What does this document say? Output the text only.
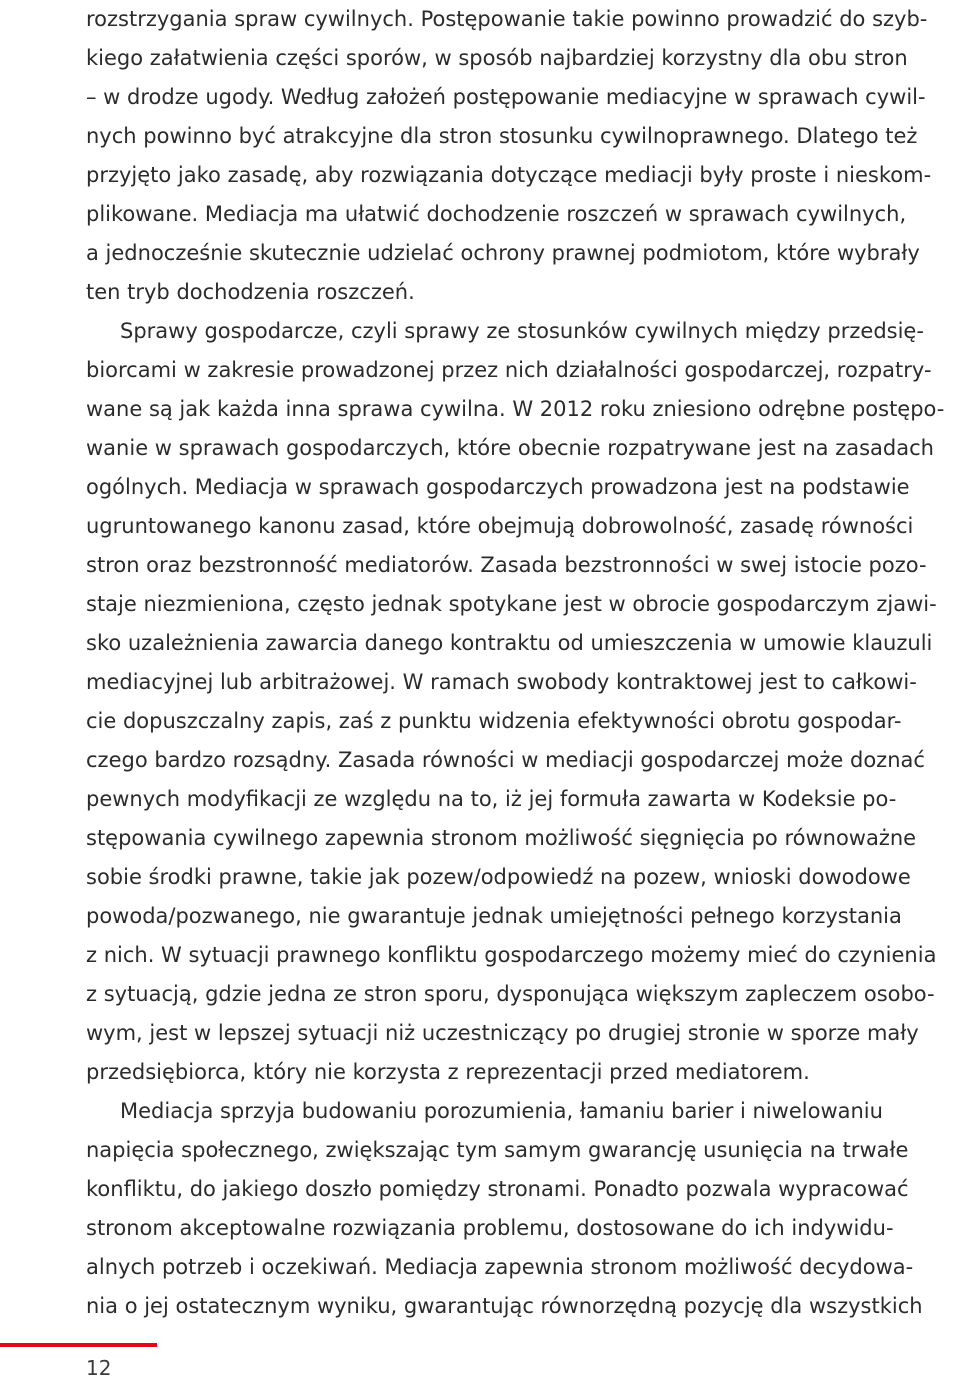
rozstrzygania spraw cywilnych. Postępowanie takie powinno prowadzić do szyb-
kiego załatwienia części sporów, w sposób najbardziej korzystny dla obu stron
– w drodze ugody. Według założeń postępowanie mediacyjne w sprawach cywil-
nych powinno być atrakcyjne dla stron stosunku cywilnoprawnego. Dlatego też
przyjęto jako zasadę, aby rozwiązania dotyczące mediacji były proste i nieskom-
plikowane. Mediacja ma ułatwić dochodzenie roszczeń w sprawach cywilnych,
a jednocześnie skutecznie udzielać ochrony prawnej podmiotom, które wybrały
ten tryb dochodzenia roszczeń.
Sprawy gospodarcze, czyli sprawy ze stosunków cywilnych między przedsię-
biorcami w zakresie prowadzonej przez nich działalności gospodarczej, rozpatry-
wane są jak każda inna sprawa cywilna. W 2012 roku zniesiono odrębne postępo-
wanie w sprawach gospodarczych, które obecnie rozpatrywane jest na zasadach
ogólnych. Mediacja w sprawach gospodarczych prowadzona jest na podstawie
ugruntowanego kanonu zasad, które obejmują dobrowolność, zasadę równości
stron oraz bezstronność mediatorów. Zasada bezstronności w swej istocie pozo-
staje niezmieniona, często jednak spotykane jest w obrocie gospodarczym zjawi-
sko uzależnienia zawarcia danego kontraktu od umieszczenia w umowie klauzuli
mediacyjnej lub arbitrażowej. W ramach swobody kontraktowej jest to całkowi-
cie dopuszczalny zapis, zaś z punktu widzenia efektywności obrotu gospodar-
czego bardzo rozsądny. Zasada równości w mediacji gospodarczej może doznać
pewnych modyfikacji ze względu na to, iż jej formuła zawarta w Kodeksie po-
stępowania cywilnego zapewnia stronom możliwość sięgnięcia po równoważne
sobie środki prawne, takie jak pozew/odpowiedź na pozew, wnioski dowodowe
powoda/pozwanego, nie gwarantuje jednak umiejętności pełnego korzystania
z nich. W sytuacji prawnego konfliktu gospodarczego możemy mieć do czynienia
z sytuacją, gdzie jedna ze stron sporu, dysponująca większym zapleczem osobo-
wym, jest w lepszej sytuacji niż uczestniczący po drugiej stronie w sporze mały
przedsiębiorca, który nie korzysta z reprezentacji przed mediatorem.
Mediacja sprzyja budowaniu porozumienia, łamaniu barier i niwelowaniu
napięcia społecznego, zwiększając tym samym gwarancję usunięcia na trwałe
konfliktu, do jakiego doszło pomiędzy stronami. Ponadto pozwala wypracować
stronom akceptowalne rozwiązania problemu, dostosowane do ich indywidu-
alnych potrzeb i oczekiwań. Mediacja zapewnia stronom możliwość decydowa-
nia o jej ostatecznym wyniku, gwarantując równorzędną pozycję dla wszystkich
12
